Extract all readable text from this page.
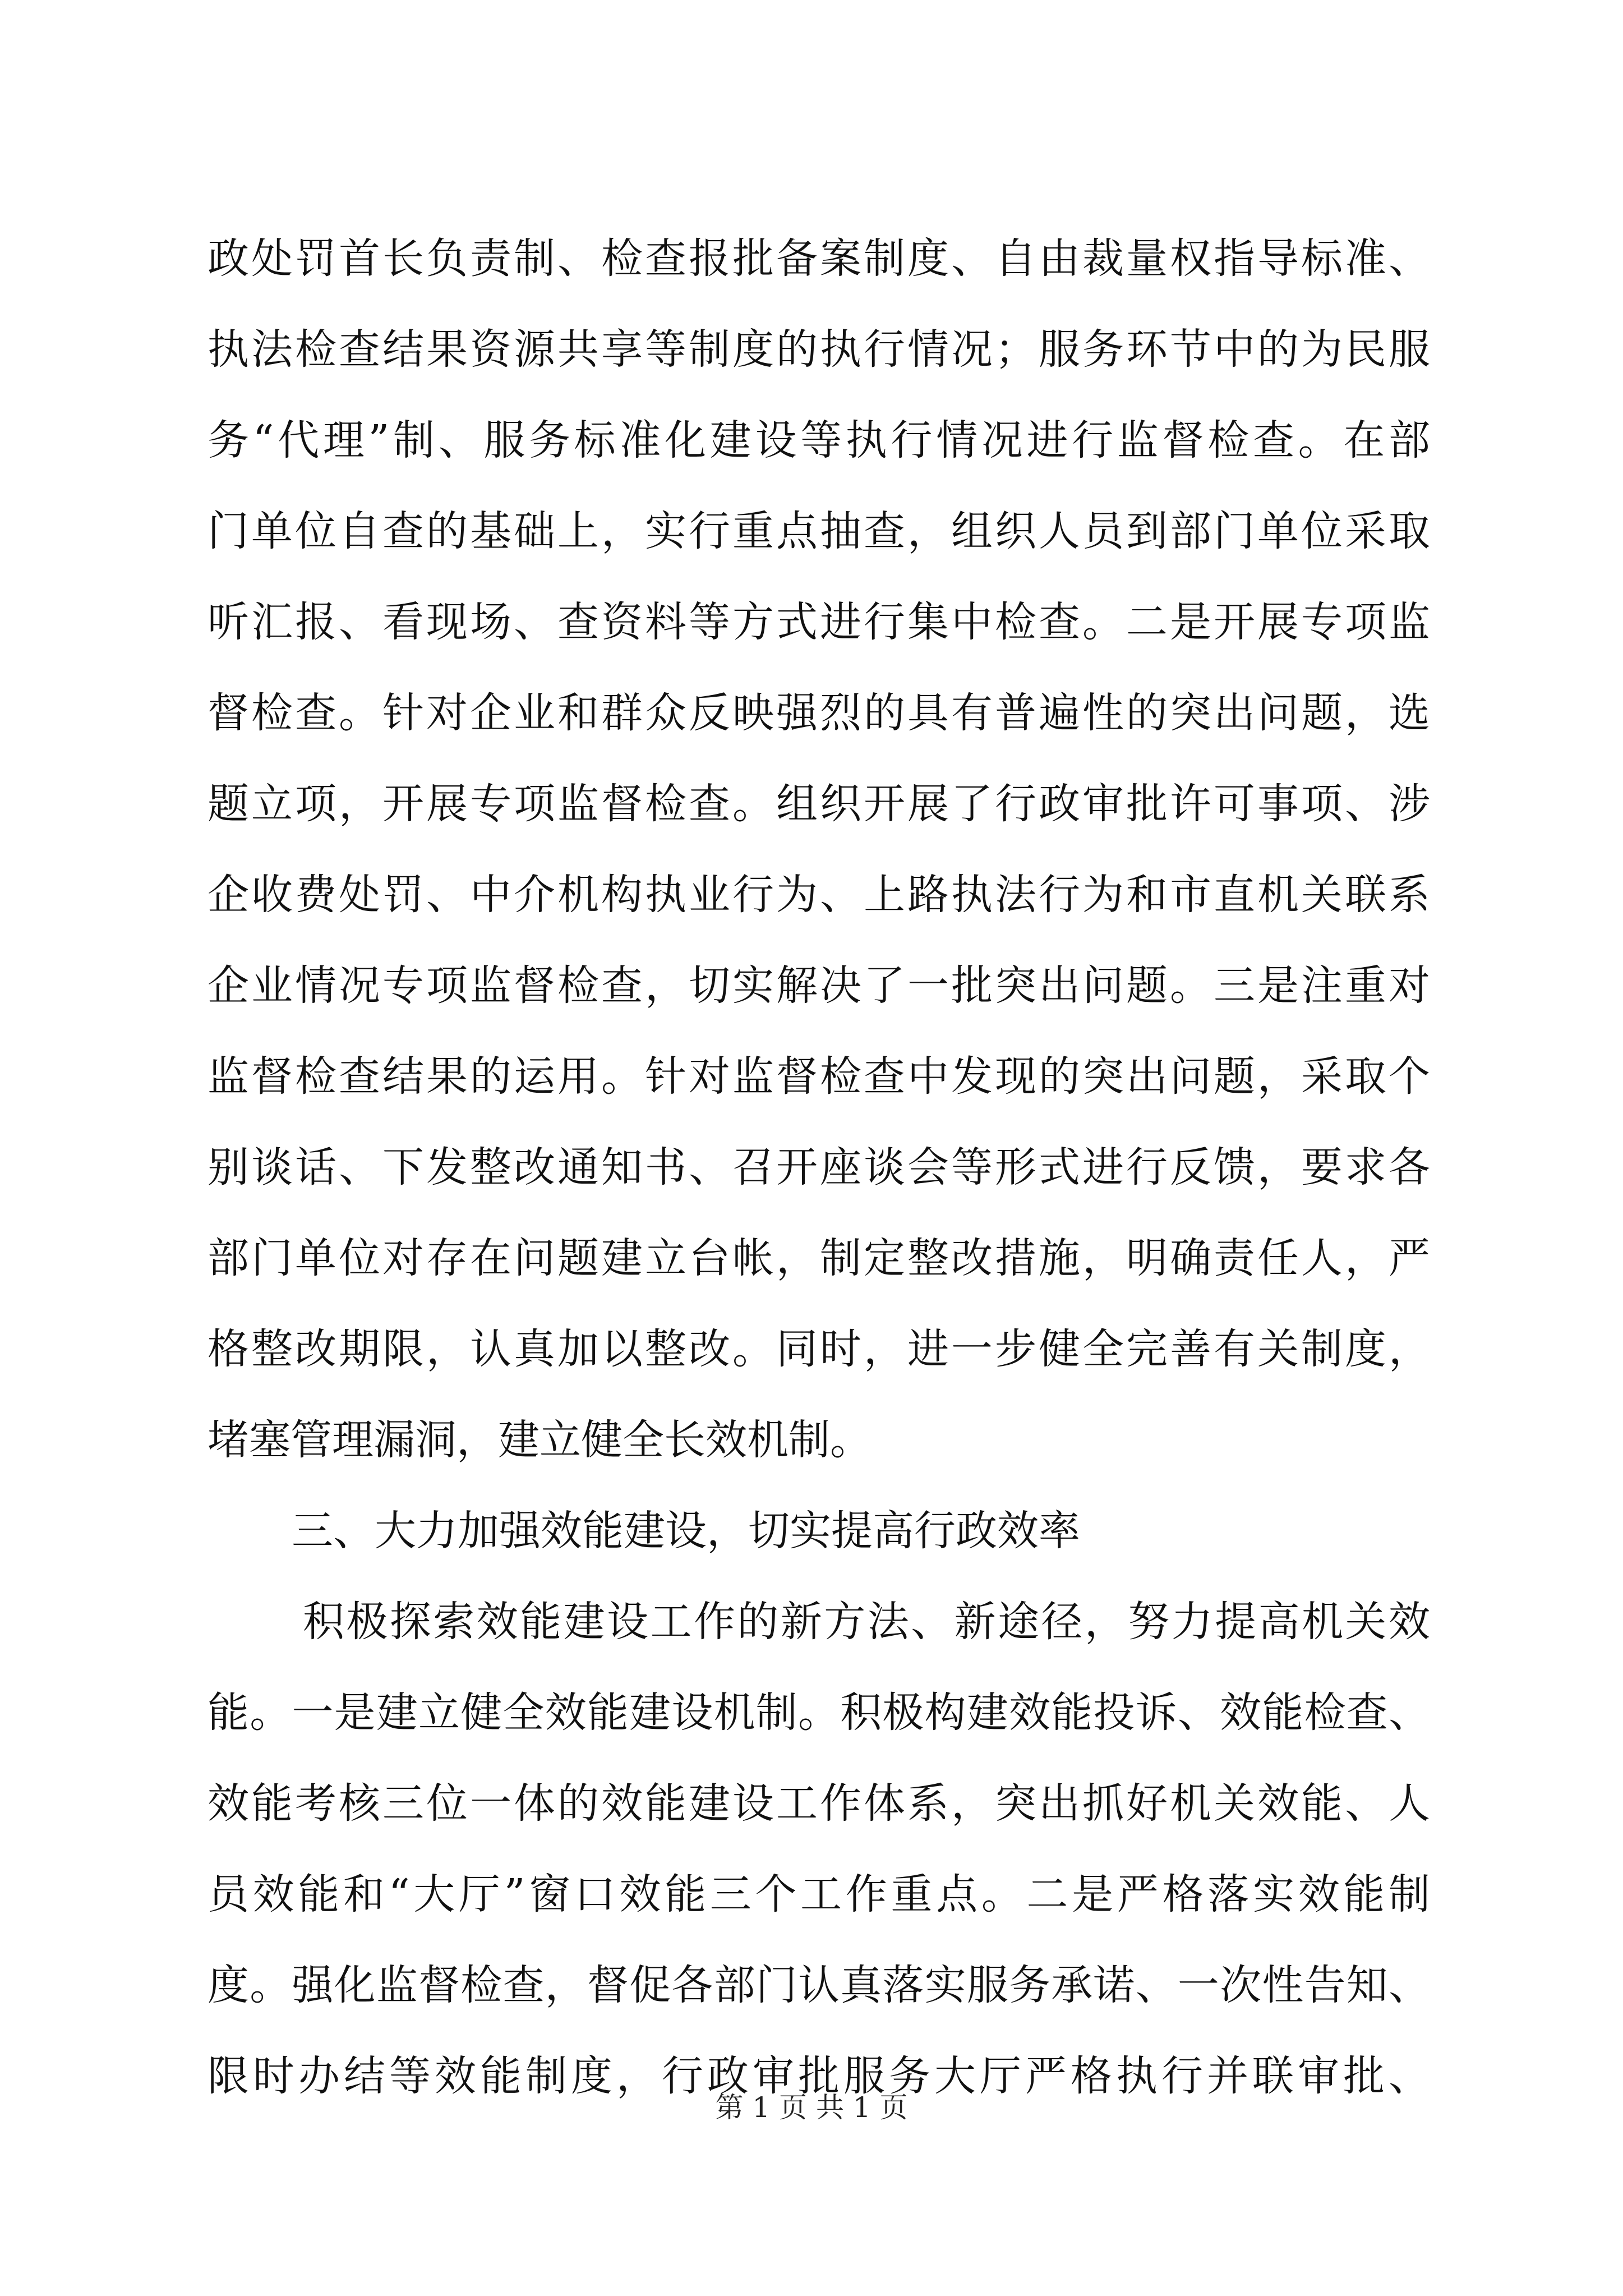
政处罚首长负责制、检查报批备案制度、自由裁量权指导标准、
执法检查结果资源共享等制度的执行情况；服务环节中的为民服
务“代理”制、服务标准化建设等执行情况进行监督检查。在部
门单位自查的基础上，实行重点抽查，组织人员到部门单位采取
听汇报、看现场、查资料等方式进行集中检查。二是开展专项监
督检查。针对企业和群众反映强烈的具有普遍性的突出问题，选
题立项，开展专项监督检查。组织开展了行政审批许可事项、涉
企收费处罚、中介机构执业行为、上路执法行为和市直机关联系
企业情况专项监督检查，切实解决了一批突出问题。三是注重对
监督检查结果的运用。针对监督检查中发现的突出问题，采取个
别谈话、下发整改通知书、召开座谈会等形式进行反馈，要求各
部门单位对存在问题建立台帐，制定整改措施，明确责任人，严
格整改期限，认真加以整改。同时，进一步健全完善有关制度，
堵塞管理漏洞，建立健全长效机制。
三、大力加强效能建设，切实提高行政效率
积极探索效能建设工作的新方法、新途径，努力提高机关效
能。一是建立健全效能建设机制。积极构建效能投诉、效能检查、
效能考核三位一体的效能建设工作体系，突出抓好机关效能、人
员效能和“大厅”窗口效能三个工作重点。二是严格落实效能制
度。强化监督检查，督促各部门认真落实服务承诺、一次性告知、
限时办结等效能制度，行政审批服务大厅严格执行并联审批、
第 1 页 共 1 页
